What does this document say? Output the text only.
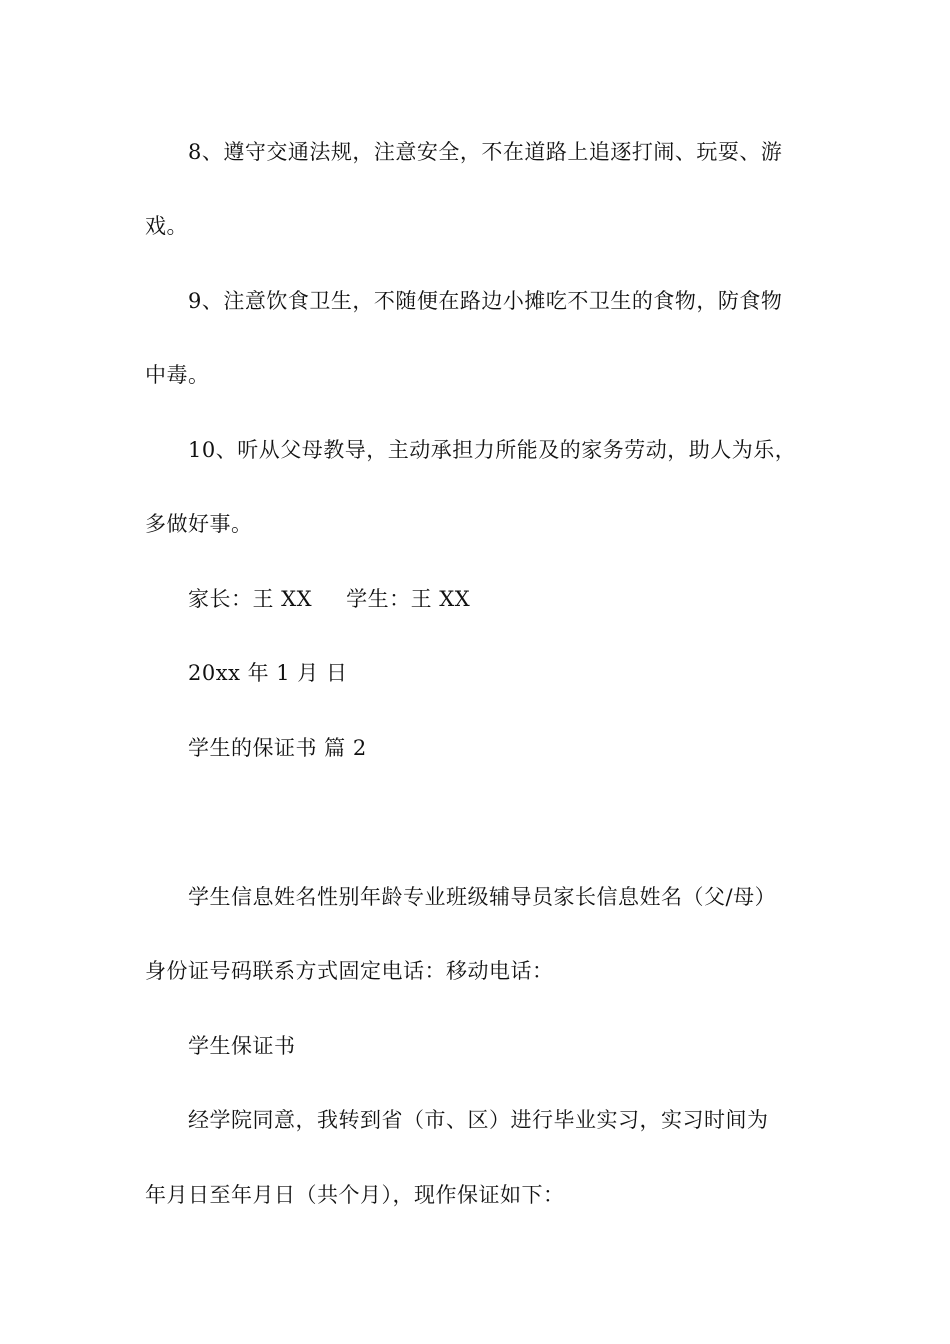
8、遵守交通法规，注意安全，不在道路上追逐打闹、玩耍、游
戏。
9、注意饮食卫生，不随便在路边小摊吃不卫生的食物，防食物
中毒。
10、听从父母教导，主动承担力所能及的家务劳动，助人为乐，
多做好事。
家长：王 XX 学生：王 XX
20xx 年 1 月 日
学生的保证书 篇 2
学生信息姓名性别年龄专业班级辅导员家长信息姓名（父/母）
身份证号码联系方式固定电话：移动电话：
学生保证书
经学院同意，我转到省（市、区）进行毕业实习，实习时间为
年月日至年月日（共个月），现作保证如下：
